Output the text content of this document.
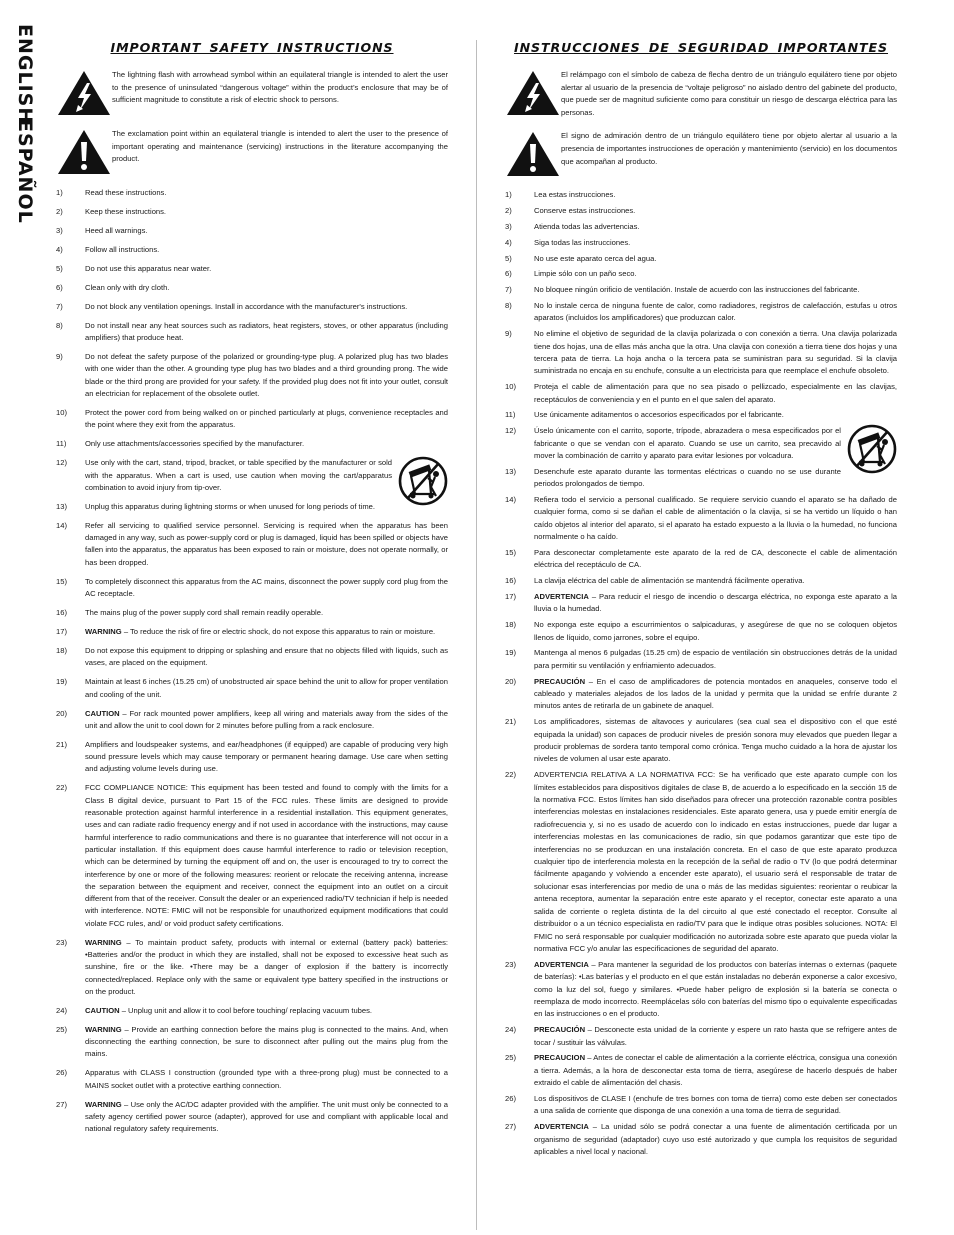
ENGLISH
ESPAÑOL
IMPORTANT SAFETY INSTRUCTIONS
The lightning flash with arrowhead symbol within an equilateral triangle is intended to alert the user to the presence of uninsulated “dangerous voltage” within the product’s enclosure that may be of sufficient magnitude to constitute a risk of electric shock to persons.
The exclamation point within an equilateral triangle is intended to alert the user to the presence of important operating and maintenance (servicing) instructions in the literature accompanying the product.
1)	Read these instructions.
2)	Keep these instructions.
3)	Heed all warnings.
4)	Follow all instructions.
5)	Do not use this apparatus near water.
6)	Clean only with dry cloth.
7)	Do not block any ventilation openings. Install in accordance with the manufacturer's instructions.
8)	Do not install near any heat sources such as radiators, heat registers, stoves, or other apparatus (including amplifiers) that produce heat.
9)	Do not defeat the safety purpose of the polarized or grounding-type plug. A polarized plug has two blades with one wider than the other. A grounding type plug has two blades and a third grounding prong. The wide blade or the third prong are provided for your safety. If the provided plug does not fit into your outlet, consult an electrician for replacement of the obsolete outlet.
10) Protect the power cord from being walked on or pinched particularly at plugs, convenience receptacles and the point where they exit from the apparatus.
11) Only use attachments/accessories specified by the manufacturer.
12) Use only with the cart, stand, tripod, bracket, or table specified by the manufacturer or sold with the apparatus. When a cart is used, use caution when moving the cart/apparatus combination to avoid injury from tip-over.
13) Unplug this apparatus during lightning storms or when unused for long periods of time.
14) Refer all servicing to qualified service personnel. Servicing is required when the apparatus has been damaged in any way, such as power-supply cord or plug is damaged, liquid has been spilled or objects have fallen into the apparatus, the apparatus has been exposed to rain or moisture, does not operate normally, or has been dropped.
15) To completely disconnect this apparatus from the AC mains, disconnect the power supply cord plug from the AC receptacle.
16) The mains plug of the power supply cord shall remain readily operable.
17) WARNING – To reduce the risk of fire or electric shock, do not expose this apparatus to rain or moisture.
18) Do not expose this equipment to dripping or splashing and ensure that no objects filled with liquids, such as vases, are placed on the equipment.
19) Maintain at least 6 inches (15.25 cm) of unobstructed air space behind the unit to allow for proper ventilation and cooling of the unit.
20) CAUTION – For rack mounted power amplifiers, keep all wiring and materials away from the sides of the unit and allow the unit to cool down for 2 minutes before pulling from a rack enclosure.
21) Amplifiers and loudspeaker systems, and ear/headphones (if equipped) are capable of producing very high sound pressure levels which may cause temporary or permanent hearing damage. Use care when setting and adjusting volume levels during use.
22) FCC COMPLIANCE NOTICE: This equipment has been tested and found to comply with the limits for a Class B digital device, pursuant to Part 15 of the FCC rules. These limits are designed to provide reasonable protection against harmful interference in a residential installation. This equipment generates, uses and can radiate radio frequency energy and if not used in accordance with the instructions, may cause harmful interference to radio communications and there is no guarantee that interference will not occur in a particular installation. If this equipment does cause harmful interference to radio or television reception, which can be determined by turning the equipment off and on, the user is encouraged to try to correct the interference by one or more of the following measures: reorient or relocate the receiving antenna, increase the separation between the equipment and receiver, connect the equipment into an outlet on a circuit different from that of the receiver. Consult the dealer or an experienced radio/TV technician if help is needed with interference. NOTE: FMIC will not be responsible for unauthorized equipment modifications that could violate FCC rules, and/ or void product safety certifications.
23) WARNING – To maintain product safety, products with internal or external (battery pack) batteries: •Batteries and/or the product in which they are installed, shall not be exposed to excessive heat such as sunshine, fire or the like. •There may be a danger of explosion if the battery is incorrectly connected/replaced. Replace only with the same or equivalent type battery specified in the instructions or on the product.
24) CAUTION – Unplug unit and allow it to cool before touching/ replacing vacuum tubes.
25) WARNING – Provide an earthing connection before the mains plug is connected to the mains. And, when disconnecting the earthing connection, be sure to disconnect after pulling out the mains plug from the mains.
26) Apparatus with CLASS I construction (grounded type with a three-prong plug) must be connected to a MAINS socket outlet with a protective earthing connection.
27) WARNING – Use only the AC/DC adapter provided with the amplifier. The unit must only be connected to a safety agency certified power source (adapter), approved for use and compliant with applicable local and national regulatory safety requirements.
INSTRUCCIONES DE SEGURIDAD IMPORTANTES
El relámpago con el símbolo de cabeza de flecha dentro de un triángulo equilátero tiene por objeto alertar al usuario de la presencia de “voltaje peligroso” no aislado dentro del gabinete del producto, que puede ser de magnitud suficiente como para constituir un riesgo de descarga eléctrica para las personas.
El signo de admiración dentro de un triángulo equilátero tiene por objeto alertar al usuario a la presencia de importantes instrucciones de operación y mantenimiento (servicio) en los documentos que acompañan al producto.
1)	Lea estas instrucciones.
2)	Conserve estas instrucciones.
3)	Atienda todas las advertencias.
4)	Siga todas las instrucciones.
5)	No use este aparato cerca del agua.
6)	Limpie sólo con un paño seco.
7)	No bloquee ningún orificio de ventilación. Instale de acuerdo con las instrucciones del fabricante.
8)	No lo instale cerca de ninguna fuente de calor, como radiadores, registros de calefacción, estufas u otros aparatos (incluidos los amplificadores) que produzcan calor.
9)	No elimine el objetivo de seguridad de la clavija polarizada o con conexión a tierra. Una clavija polarizada tiene dos hojas, una de ellas más ancha que la otra. Una clavija con conexión a tierra tiene dos hojas y una tercera pata de tierra. La hoja ancha o la tercera pata se suministran para su seguridad. Si la clavija suministrada no encaja en su enchufe, consulte a un electricista para que reemplace el enchufe obsoleto.
10) Proteja el cable de alimentación para que no sea pisado o pellizcado, especialmente en las clavijas, receptáculos de conveniencia y en el punto en el que salen del aparato.
11) Use únicamente aditamentos o accesorios especificados por el fabricante.
12) Úselo únicamente con el carrito, soporte, trípode, abrazadera o mesa especificados por el fabricante o que se vendan con el aparato. Cuando se use un carrito, sea precavido al mover la combinación de carrito y aparato para evitar lesiones por volcadura.
13) Desenchufe este aparato durante las tormentas eléctricas o cuando no se use durante periodos prolongados de tiempo.
14) Refiera todo el servicio a personal cualificado. Se requiere servicio cuando el aparato se ha dañado de cualquier forma, como si se dañan el cable de alimentación o la clavija, si se ha vertido un líquido o han caído objetos al interior del aparato, si el aparato ha estado expuesto a la lluvia o la humedad, no funciona normalmente o ha caído.
15) Para desconectar completamente este aparato de la red de CA, desconecte el cable de alimentación eléctrica del receptáculo de CA.
16) La clavija eléctrica del cable de alimentación se mantendrá fácilmente operativa.
17) ADVERTENCIA – Para reducir el riesgo de incendio o descarga eléctrica, no exponga este aparato a la lluvia o la humedad.
18) No exponga este equipo a escurrimientos o salpicaduras, y asegúrese de que no se coloquen objetos llenos de líquido, como jarrones, sobre el equipo.
19) Mantenga al menos 6 pulgadas (15.25 cm) de espacio de ventilación sin obstrucciones detrás de la unidad para permitir su ventilación y enfriamiento adecuados.
20) PRECAUCIÓN – En el caso de amplificadores de potencia montados en anaqueles, conserve todo el cableado y materiales alejados de los lados de la unidad y permita que la unidad se enfríe durante 2 minutos antes de retirarla de un gabinete de anaquel.
21) Los amplificadores, sistemas de altavoces y auriculares (sea cual sea el dispositivo con el que esté equipada la unidad) son capaces de producir niveles de presión sonora muy elevados que pueden llegar a producir problemas de sordera tanto temporal como crónica. Tenga mucho cuidado a la hora de ajustar los niveles de volumen al usar este aparato.
22) ADVERTENCIA RELATIVA A LA NORMATIVA FCC: Se ha verificado que este aparato cumple con los límites establecidos para dispositivos digitales de clase B, de acuerdo a lo especificado en la sección 15 de la normativa FCC. Estos límites han sido diseñados para ofrecer una protección razonable contra posibles interferencias molestas en instalaciones residenciales. Este aparato genera, usa y puede emitir energía de radiofrecuencia y, si no es usado de acuerdo con lo indicado en estas instrucciones, puede dar lugar a interferencias molestas en las comunicaciones de radio, sin que podamos garantizar que este tipo de interferencias no se produzcan en una instalación concreta. En el caso de que este aparato produzca cualquier tipo de interferencia molesta en la recepción de la señal de radio o TV (lo que podrá determinar fácilmente apagando y volviendo a encender este aparato), el usuario será el responsable de tratar de solucionar esas interferencias por medio de una o más de las medidas siguientes: reorientar o reubicar la antena receptora, aumentar la separación entre este aparato y el receptor, conectar este aparato a una salida de corriente o regleta distinta de la del circuito al que esté conectado el receptor. Consulte al distribuidor o a un técnico especialista en radio/TV para que le indique otras posibles soluciones. NOTA: El FMIC no será responsable por cualquier modificación no autorizada sobre este aparato que pueda violar la normativa FCC y/o anular las especificaciones de seguridad del aparato.
23) ADVERTENCIA – Para mantener la seguridad de los productos con baterías internas o externas (paquete de baterías): •Las baterías y el producto en el que están instaladas no deberán exponerse a calor excesivo, como la luz del sol, fuego y similares. •Puede haber peligro de explosión si la batería se conecta o reemplaza de modo incorrecto. Reemplácelas sólo con baterías del mismo tipo o equivalente especificadas en las instrucciones o en el producto.
24) PRECAUCIÓN – Desconecte esta unidad de la corriente y espere un rato hasta que se refrigere antes de tocar / sustituir las válvulas.
25) PRECAUCION – Antes de conectar el cable de alimentación a la corriente eléctrica, consigua una conexión a tierra. Además, a la hora de desconectar esta toma de tierra, asegúrese de hacerlo después de haber extraido el cable de alimentación del chasis.
26) Los dispositivos de CLASE I (enchufe de tres bornes con toma de tierra) como este deben ser conectados a una salida de corriente que disponga de una conexión a una toma de tierra de seguridad.
27) ADVERTENCIA – La unidad sólo se podrá conectar a una fuente de alimentación certificada por un organismo de seguridad (adaptador) cuyo uso esté autorizado y que cumpla los requisitos de seguridad aplicables a nivel local y nacional.
